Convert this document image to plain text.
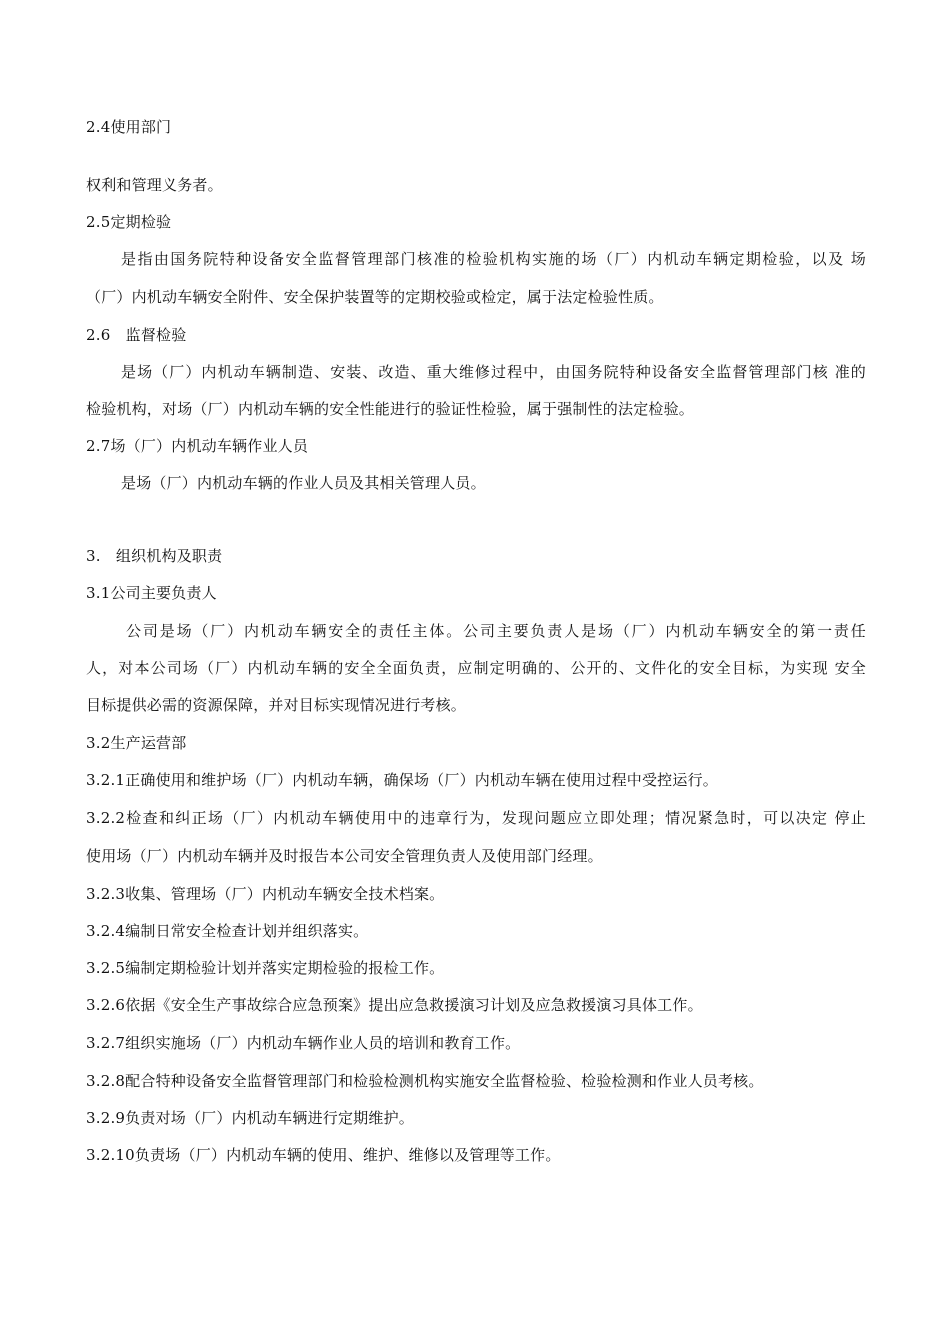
2.4使用部门
权利和管理义务者。
2.5定期检验
是指由国务院特种设备安全监督管理部门核准的检验机构实施的场（厂）内机动车辆定期检验，以及 场
（厂）内机动车辆安全附件、安全保护装置等的定期校验或检定，属于法定检验性质。
2.6　监督检验
是场（厂）内机动车辆制造、安装、改造、重大维修过程中，由国务院特种设备安全监督管理部门核 准的
检验机构，对场（厂）内机动车辆的安全性能进行的验证性检验，属于强制性的法定检验。
2.7场（厂）内机动车辆作业人员
是场（厂）内机动车辆的作业人员及其相关管理人员。
3.　组织机构及职责
3.1公司主要负责人
公司是场（厂）内机动车辆安全的责任主体。公司主要负责人是场（厂）内机动车辆安全的第一责任
人，对本公司场（厂）内机动车辆的安全全面负责，应制定明确的、公开的、文件化的安全目标，为实现 安全
目标提供必需的资源保障，并对目标实现情况进行考核。
3.2生产运营部
3.2.1正确使用和维护场（厂）内机动车辆，确保场（厂）内机动车辆在使用过程中受控运行。
3.2.2检查和纠正场（厂）内机动车辆使用中的违章行为，发现问题应立即处理；情况紧急时，可以决定 停止
使用场（厂）内机动车辆并及时报告本公司安全管理负责人及使用部门经理。
3.2.3收集、管理场（厂）内机动车辆安全技术档案。
3.2.4编制日常安全检查计划并组织落实。
3.2.5编制定期检验计划并落实定期检验的报检工作。
3.2.6依据《安全生产事故综合应急预案》提出应急救援演习计划及应急救援演习具体工作。
3.2.7组织实施场（厂）内机动车辆作业人员的培训和教育工作。
3.2.8配合特种设备安全监督管理部门和检验检测机构实施安全监督检验、检验检测和作业人员考核。
3.2.9负责对场（厂）内机动车辆进行定期维护。
3.2.10负责场（厂）内机动车辆的使用、维护、维修以及管理等工作。
